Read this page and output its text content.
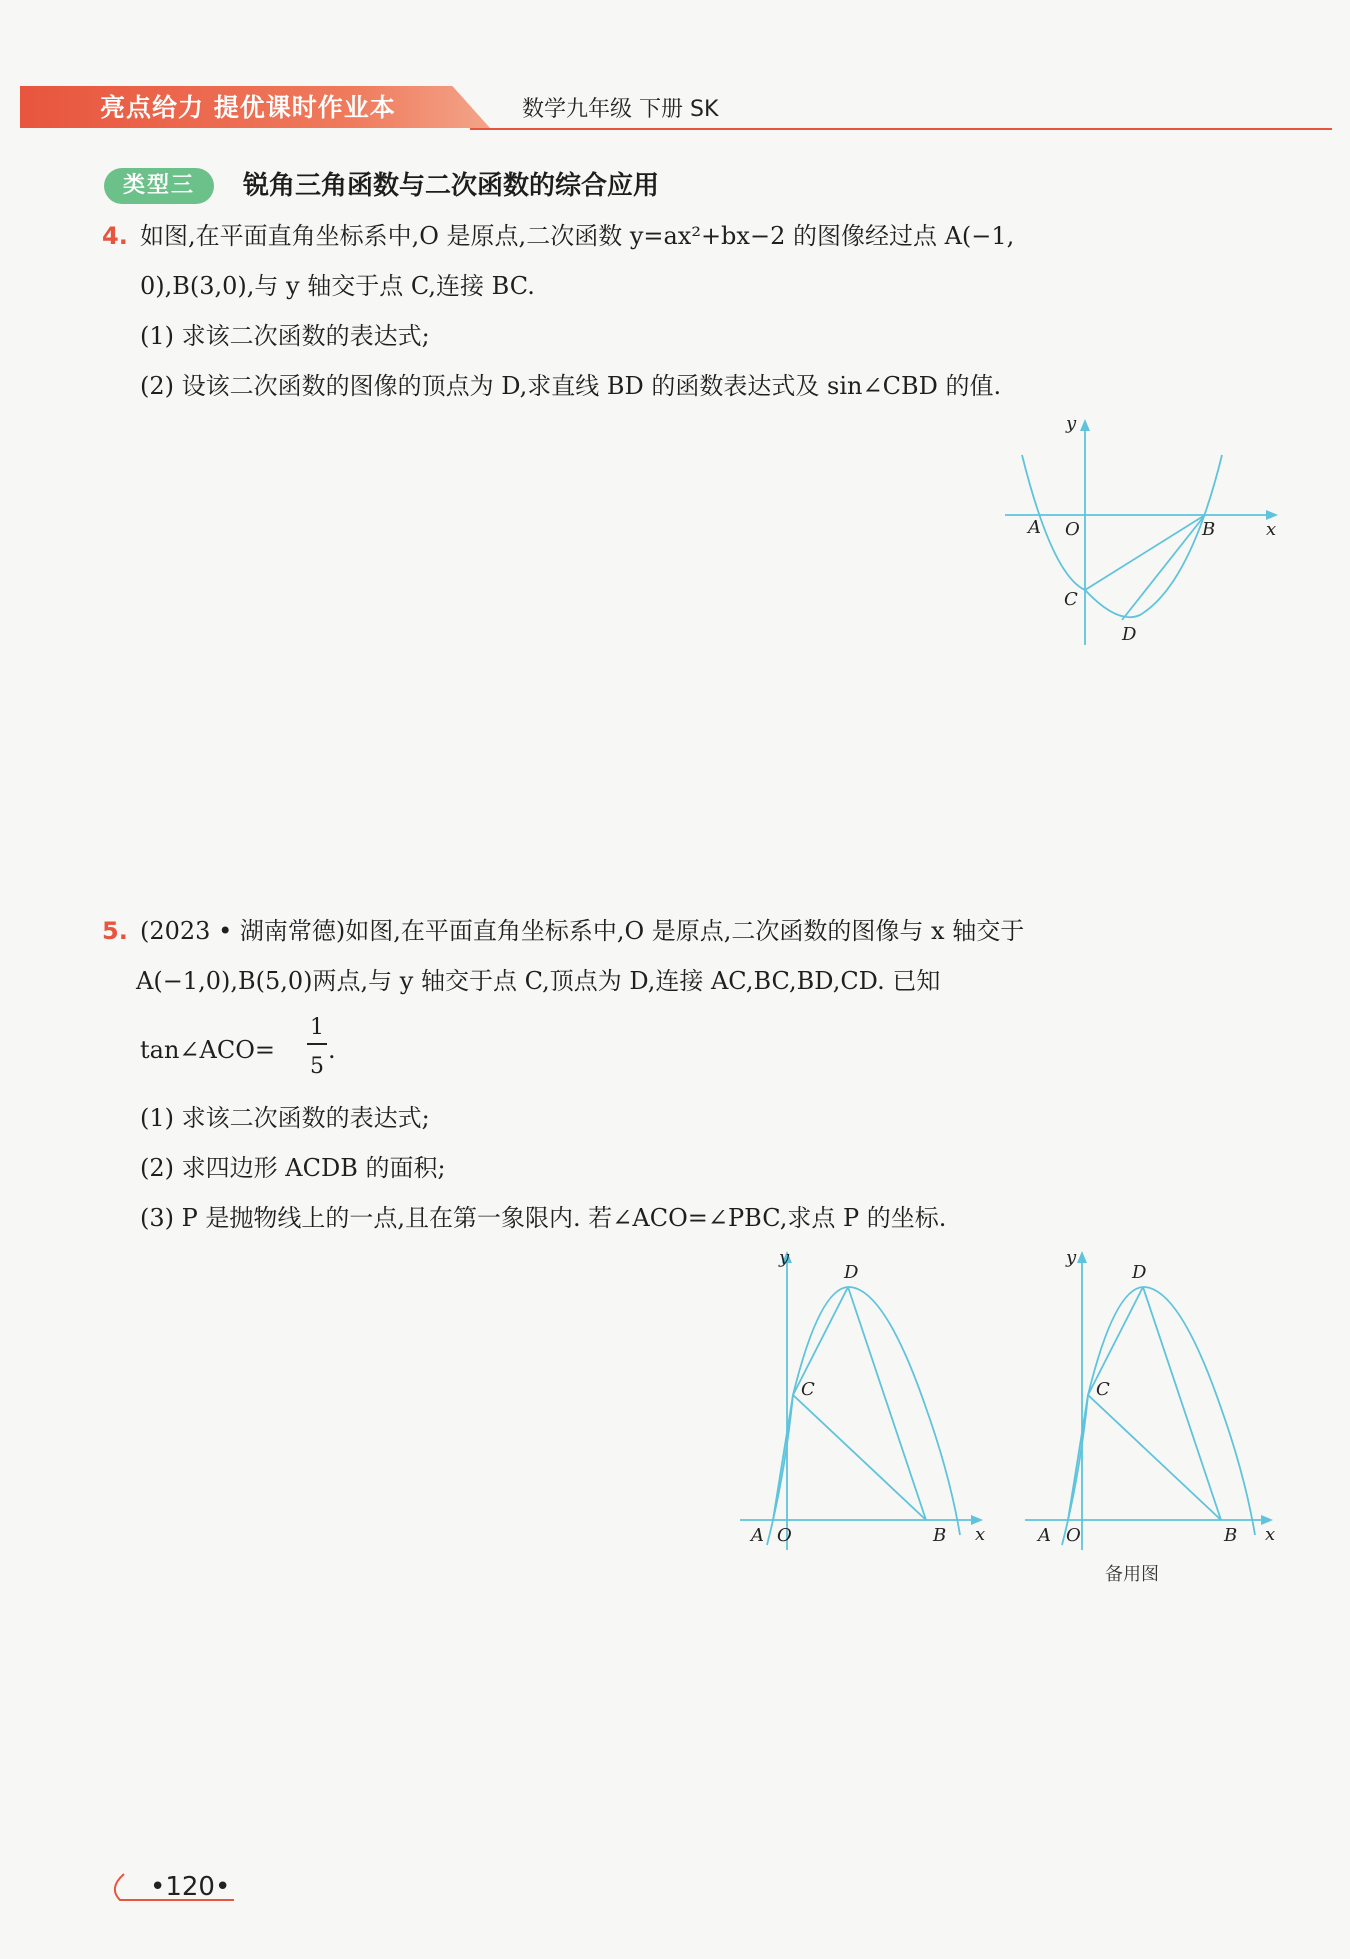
亮点给力 提优课时作业本	数学九年级 下册 SK
类型三	锐角三角函数与二次函数的综合应用
4. 如图,在平面直角坐标系中,O 是原点,二次函数 y=ax²+bx−2 的图像经过点 A(−1,
0),B(3,0),与 y 轴交于点 C,连接 BC.
(1) 求该二次函数的表达式;
(2) 设该二次函数的图像的顶点为 D,求直线 BD 的函数表达式及 sin∠CBD 的值.
y
x
A O	B
C
D
5. (2023 • 湖南常德)如图,在平面直角坐标系中,O 是原点,二次函数的图像与 x 轴交于
A(−1,0),B(5,0)两点,与 y 轴交于点 C,顶点为 D,连接 AC,BC,BD,CD. 已知
tan∠ACO=
1
5
.
(1) 求该二次函数的表达式;
(2) 求四边形 ACDB 的面积;
(3) P 是抛物线上的一点,且在第一象限内. 若∠ACO=∠PBC,求点 P 的坐标.
y
x
A O	B
C
D
y
x
A O	B
C
D
备用图
•120•
